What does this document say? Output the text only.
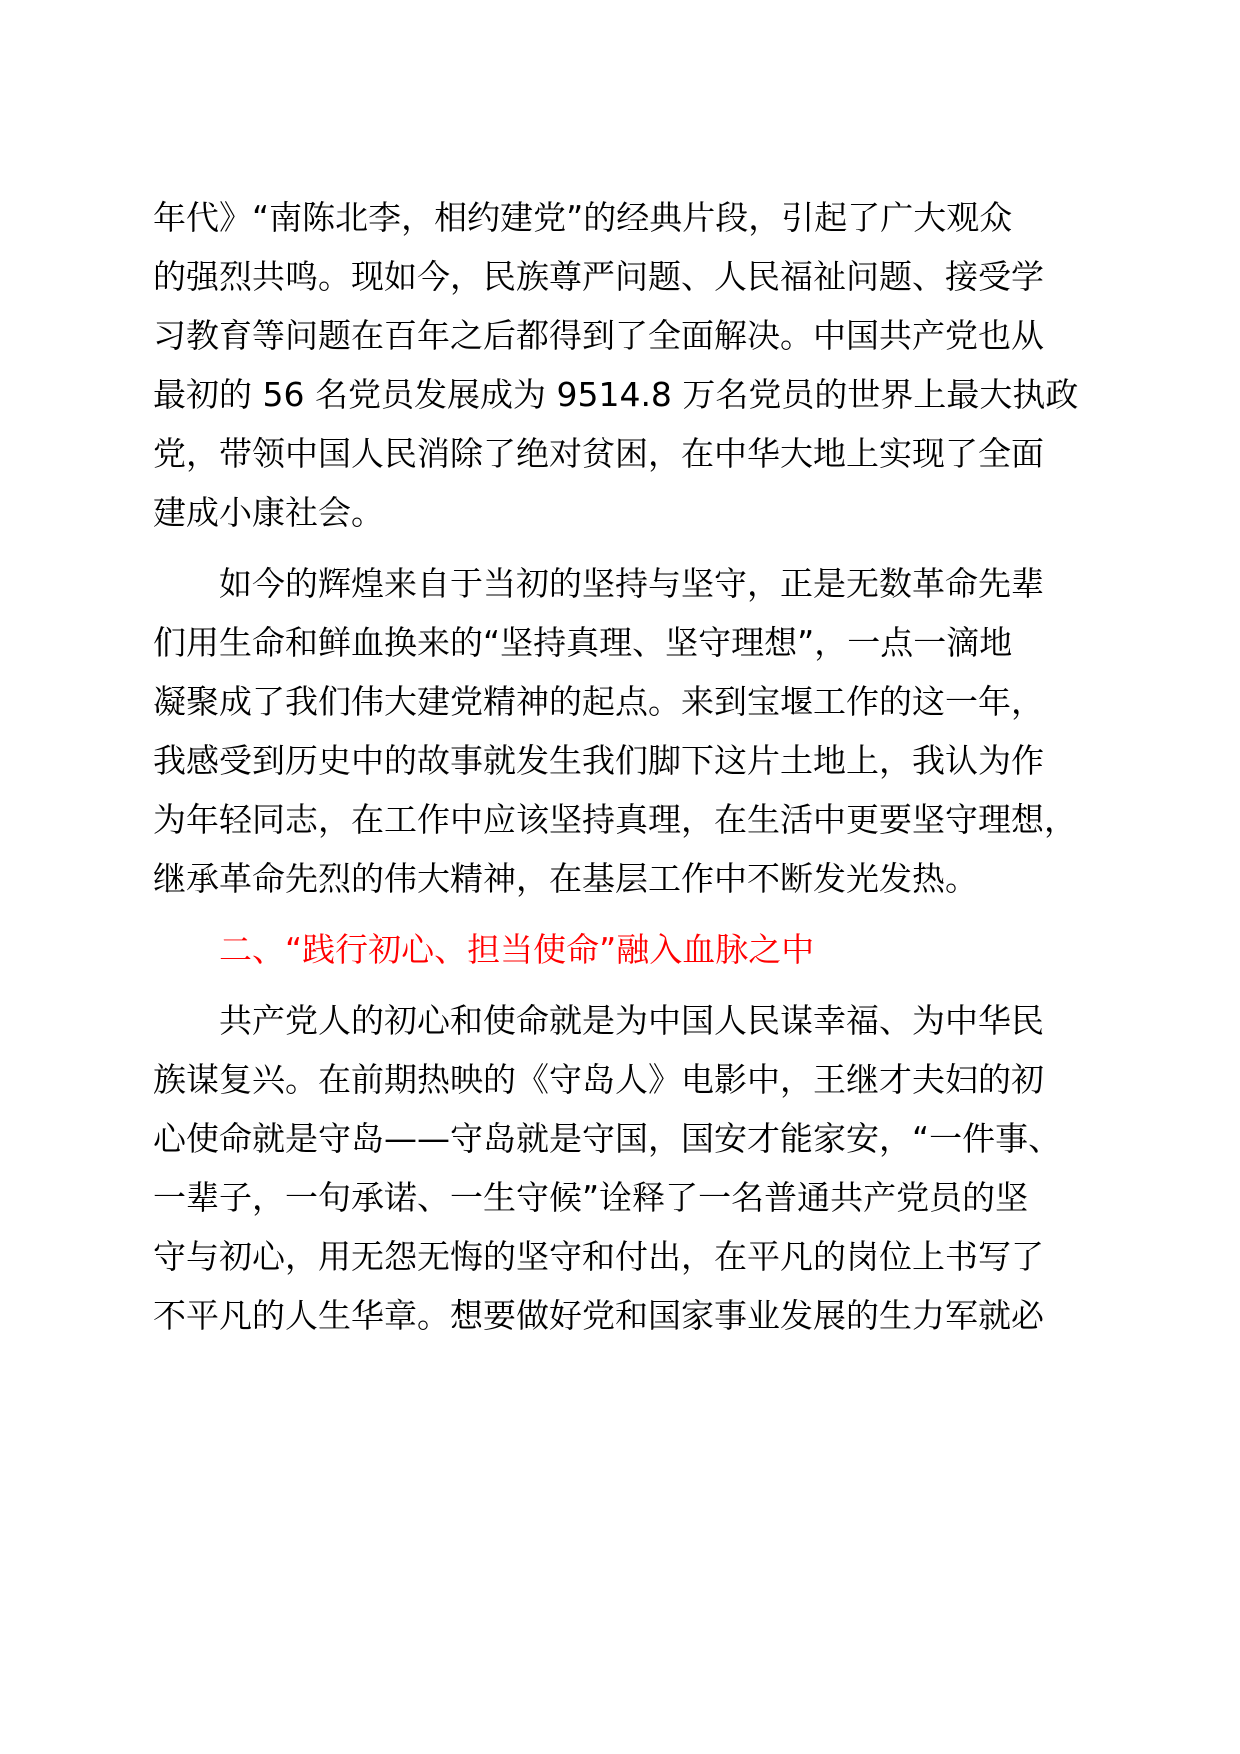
年代》“南陈北李，相约建党”的经典片段，引起了广大观众
的强烈共鸣。现如今，民族尊严问题、人民福祉问题、接受学
习教育等问题在百年之后都得到了全面解决。中国共产党也从
最初的 56 名党员发展成为 9514.8 万名党员的世界上最大执政
党，带领中国人民消除了绝对贫困，在中华大地上实现了全面
建成小康社会。
如今的辉煌来自于当初的坚持与坚守，正是无数革命先辈
们用生命和鲜血换来的“坚持真理、坚守理想”，一点一滴地
凝聚成了我们伟大建党精神的起点。来到宝堰工作的这一年，
我感受到历史中的故事就发生我们脚下这片土地上，我认为作
为年轻同志，在工作中应该坚持真理，在生活中更要坚守理想，
继承革命先烈的伟大精神，在基层工作中不断发光发热。
二、“践行初心、担当使命”融入血脉之中
共产党人的初心和使命就是为中国人民谋幸福、为中华民
族谋复兴。在前期热映的《守岛人》电影中，王继才夫妇的初
心使命就是守岛——守岛就是守国，国安才能家安，“一件事、
一辈子，一句承诺、一生守候”诠释了一名普通共产党员的坚
守与初心，用无怨无悔的坚守和付出，在平凡的岗位上书写了
不平凡的人生华章。想要做好党和国家事业发展的生力军就必
